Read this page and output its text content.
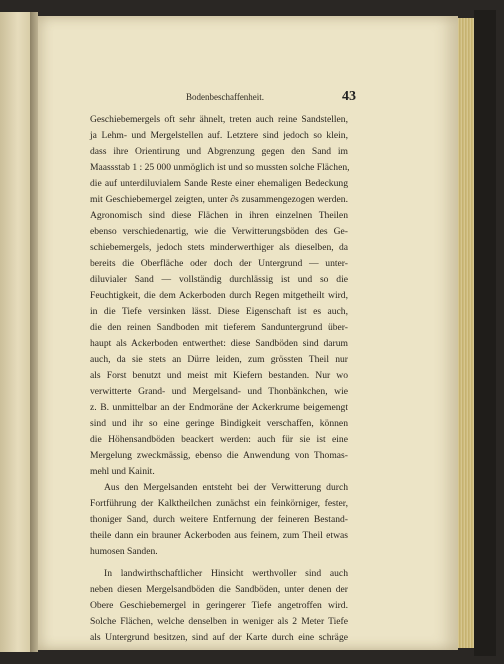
Bodenbeschaffenheit.	43
Geschiebemergels oft sehr ähnelt, treten auch reine Sandstellen,
ja Lehm- und Mergelstellen auf. Letztere sind jedoch so klein,
dass ihre Orientirung und Abgrenzung gegen den Sand im
Maassstab 1 : 25 000 unmöglich ist und so mussten solche Flächen,
die auf unterdiluvialem Sande Reste einer ehemaligen Bedeckung
mit Geschiebemergel zeigten, unter ∂s zusammengezogen werden.
Agronomisch sind diese Flächen in ihren einzelnen Theilen
ebenso verschiedenartig, wie die Verwitterungsböden des Ge-
schiebemergels, jedoch stets minderwerthiger als dieselben, da
bereits die Oberfläche oder doch der Untergrund — unter-
diluvialer Sand — vollständig durchlässig ist und so die
Feuchtigkeit, die dem Ackerboden durch Regen mitgetheilt wird,
in die Tiefe versinken lässt. Diese Eigenschaft ist es auch,
die den reinen Sandboden mit tieferem Sanduntergrund über-
haupt als Ackerboden entwerthet: diese Sandböden sind darum
auch, da sie stets an Dürre leiden, zum grössten Theil nur
als Forst benutzt und meist mit Kiefern bestanden. Nur wo
verwitterte Grand- und Mergelsand- und Thonbänkchen, wie
z. B. unmittelbar an der Endmoräne der Ackerkrume beigemengt
sind und ihr so eine geringe Bindigkeit verschaffen, können
die Höhensandböden beackert werden: auch für sie ist eine
Mergelung zweckmässig, ebenso die Anwendung von Thomas-
mehl und Kainit.
Aus den Mergelsanden entsteht bei der Verwitterung durch
Fortführung der Kalktheilchen zunächst ein feinkörniger, fester,
thoniger Sand, durch weitere Entfernung der feineren Bestand-
theile dann ein brauner Ackerboden aus feinem, zum Theil etwas
humosen Sanden.
In landwirthschaftlicher Hinsicht werthvoller sind auch
neben diesen Mergelsandböden die Sandböden, unter denen der
Obere Geschiebemergel in geringerer Tiefe angetroffen wird.
Solche Flächen, welche denselben in weniger als 2 Meter Tiefe
als Untergrund besitzen, sind auf der Karte durch eine schräge
